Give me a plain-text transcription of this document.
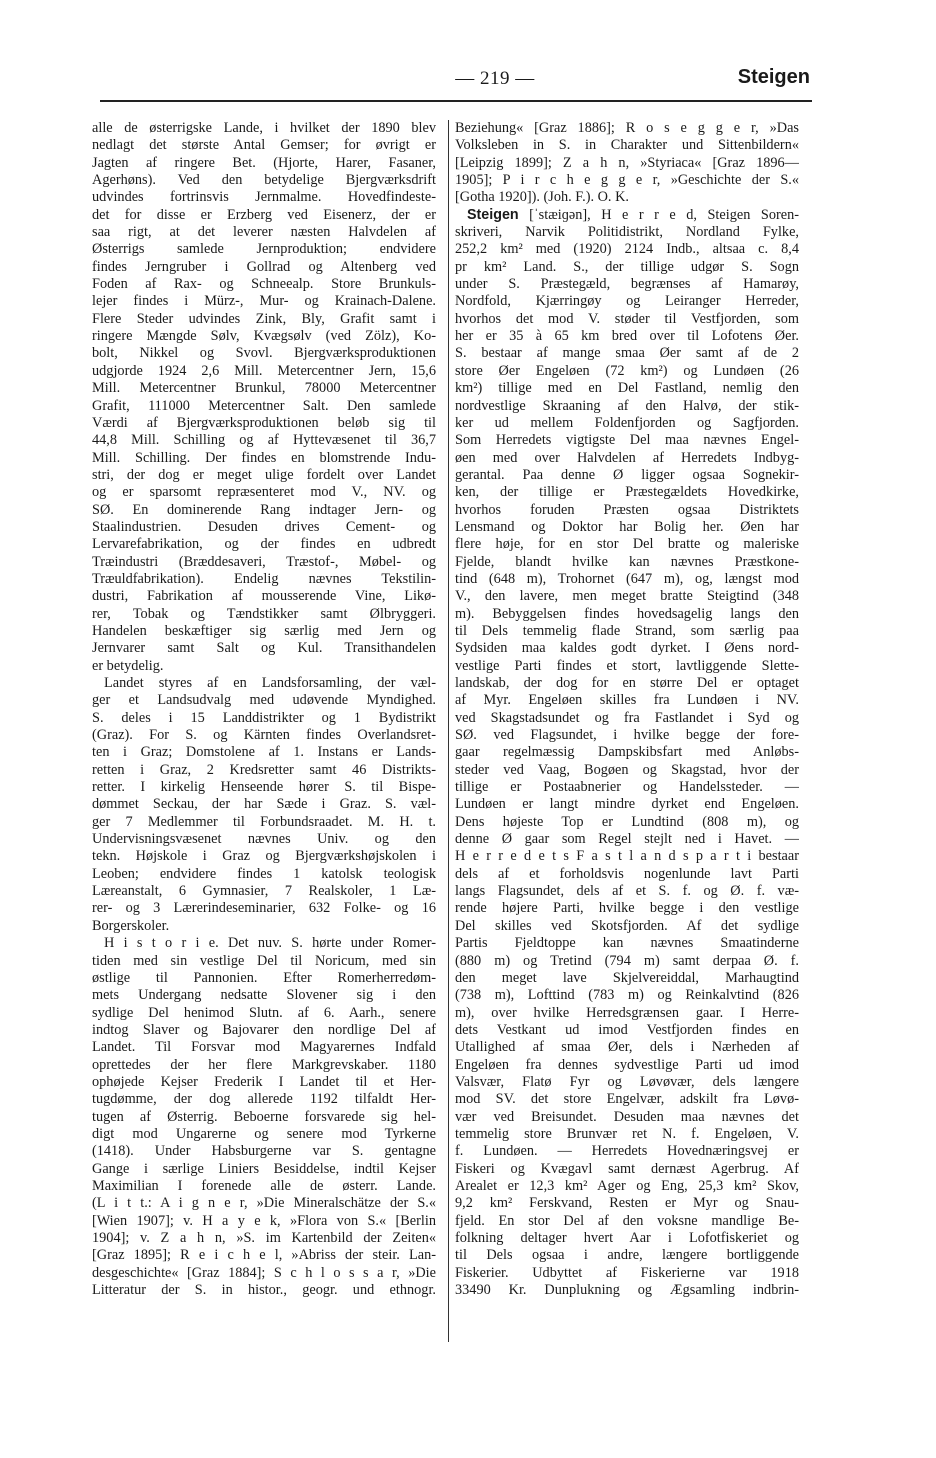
— 219 —	Steigen
alle de østerrigske Lande, i hvilket der 1890 blev
nedlagt det største Antal Gemser; for øvrigt er
Jagten af ringere Bet. (Hjorte, Harer, Fasaner,
Agerhøns). Ved den betydelige Bjergværksdrift
udvindes fortrinsvis Jernmalme. Hovedfindeste-
det for disse er Erzberg ved Eisenerz, der er
saa rigt, at det leverer næsten Halvdelen af
Østerrigs samlede Jernproduktion; endvidere
findes Jerngruber i Gollrad og Altenberg ved
Foden af Rax- og Schneealp. Store Brunkuls-
lejer findes i Mürz-, Mur- og Krainach-Dalene.
Flere Steder udvindes Zink, Bly, Grafit samt i
ringere Mængde Sølv, Kvægsølv (ved Zölz), Ko-
bolt, Nikkel og Svovl. Bjergværksproduktionen
udgjorde 1924 2,6 Mill. Metercentner Jern, 15,6
Mill. Metercentner Brunkul, 78000 Metercentner
Grafit, 111000 Metercentner Salt. Den samlede
Værdi af Bjergværksproduktionen beløb sig til
44,8 Mill. Schilling og af Hyttevæsenet til 36,7
Mill. Schilling. Der findes en blomstrende Indu-
stri, der dog er meget ulige fordelt over Landet
og er sparsomt repræsenteret mod V., NV. og
SØ. En dominerende Rang indtager Jern- og
Staalindustrien. Desuden drives Cement- og
Lervarefabrikation, og der findes en udbredt
Træindustri (Bræddesaveri, Træstof-, Møbel- og
Træuldfabrikation). Endelig nævnes Tekstilin-
dustri, Fabrikation af mousserende Vine, Likø-
rer, Tobak og Tændstikker samt Ølbryggeri.
Handelen beskæftiger sig særlig med Jern og
Jernvarer samt Salt og Kul. Transithandelen
er betydelig.
Landet styres af en Landsforsamling, der væl-
ger et Landsudvalg med udøvende Myndighed.
S. deles i 15 Landdistrikter og 1 Bydistrikt
(Graz). For S. og Kärnten findes Overlandsret-
ten i Graz; Domstolene af 1. Instans er Lands-
retten i Graz, 2 Kredsretter samt 46 Distrikts-
retter. I kirkelig Henseende hører S. til Bispe-
dømmet Seckau, der har Sæde i Graz. S. væl-
ger 7 Medlemmer til Forbundsraadet. M. H. t.
Undervisningsvæsenet nævnes Univ. og den
tekn. Højskole i Graz og Bjergværkshøjskolen i
Leoben; endvidere findes 1 katolsk teologisk
Læreanstalt, 6 Gymnasier, 7 Realskoler, 1 Læ-
rer- og 3 Lærerindeseminarier, 632 Folke- og 16
Borgerskoler.
H i s t o r i e. Det nuv. S. hørte under Romer-
tiden med sin vestlige Del til Noricum, med sin
østlige til Pannonien. Efter Romerherredøm-
mets Undergang nedsatte Slovener sig i den
sydlige Del henimod Slutn. af 6. Aarh., senere
indtog Slaver og Bajovarer den nordlige Del af
Landet. Til Forsvar mod Magyarernes Indfald
oprettedes der her flere Markgrevskaber. 1180
ophøjede Kejser Frederik I Landet til et Her-
tugdømme, der dog allerede 1192 tilfaldt Her-
tugen af Østerrig. Beboerne forsvarede sig hel-
digt mod Ungarerne og senere mod Tyrkerne
(1418). Under Habsburgerne var S. gentagne
Gange i særlige Liniers Besiddelse, indtil Kejser
Maximilian I forenede alle de østerr. Lande.
(L i t t.: A i g n e r, »Die Mineralschätze der S.«
[Wien 1907]; v. H a y e k, »Flora von S.« [Berlin
1904]; v. Z a h n, »S. im Kartenbild der Zeiten«
[Graz 1895]; R e i c h e l, »Abriss der steir. Lan-
desgeschichte« [Graz 1884]; S c h l o s s a r, »Die
Litteratur der S. in histor., geogr. und ethnogr.
Beziehung« [Graz 1886]; R o s e g g e r, »Das
Volksleben in S. in Charakter und Sittenbildern«
[Leipzig 1899]; Z a h n, »Styriaca« [Graz 1896—
1905]; P i r c h e g g e r, »Geschichte der S.«
[Gotha 1920]). (Joh. F.). O. K.
Steigen [ˈstæiɡən], H e r r e d, Steigen Soren-
skriveri, Narvik Politidistrikt, Nordland Fylke,
252,2 km² med (1920) 2124 Indb., altsaa c. 8,4
pr km² Land. S., der tillige udgør S. Sogn
under S. Præstegæld, begrænses af Hamarøy,
Nordfold, Kjærringøy og Leiranger Herreder,
hvorhos det mod V. støder til Vestfjorden, som
her er 35 à 65 km bred over til Lofotens Øer.
S. bestaar af mange smaa Øer samt af de 2
store Øer Engeløen (72 km²) og Lundøen (26
km²) tillige med en Del Fastland, nemlig den
nordvestlige Skraaning af den Halvø, der stik-
ker ud mellem Foldenfjorden og Sagfjorden.
Som Herredets vigtigste Del maa nævnes Engel-
øen med over Halvdelen af Herredets Indbyg-
gerantal. Paa denne Ø ligger ogsaa Sognekir-
ken, der tillige er Præstegældets Hovedkirke,
hvorhos foruden Præsten ogsaa Distriktets
Lensmand og Doktor har Bolig her. Øen har
flere høje, for en stor Del bratte og maleriske
Fjelde, blandt hvilke kan nævnes Præstkone-
tind (648 m), Trohornet (647 m), og, længst mod
V., den lavere, men meget bratte Steigtind (348
m). Bebyggelsen findes hovedsagelig langs den
til Dels temmelig flade Strand, som særlig paa
Sydsiden maa kaldes godt dyrket. I Øens nord-
vestlige Parti findes et stort, lavtliggende Slette-
landskab, der dog for en større Del er optaget
af Myr. Engeløen skilles fra Lundøen i NV.
ved Skagstadsundet og fra Fastlandet i Syd og
SØ. ved Flagsundet, i hvilke begge der fore-
gaar regelmæssig Dampskibsfart med Anløbs-
steder ved Vaag, Bogøen og Skagstad, hvor der
tillige er Postaabnerier og Handelssteder. —
Lundøen er langt mindre dyrket end Engeløen.
Dens højeste Top er Lundtind (808 m), og
denne Ø gaar som Regel stejlt ned i Havet. —
H e r r e d e t s F a s t l a n d s p a r t i bestaar
dels af et forholdsvis nogenlunde lavt Parti
langs Flagsundet, dels af et S. f. og Ø. f. væ-
rende højere Parti, hvilke begge i den vestlige
Del skilles ved Skotsfjorden. Af det sydlige
Partis Fjeldtoppe kan nævnes Smaatinderne
(880 m) og Tretind (794 m) samt derpaa Ø. f.
den meget lave Skjelvereiddal, Marhaugtind
(738 m), Lofttind (783 m) og Reinkalvtind (826
m), over hvilke Herredsgrænsen gaar. I Herre-
dets Vestkant ud imod Vestfjorden findes en
Utallighed af smaa Øer, dels i Nærheden af
Engeløen fra dennes sydvestlige Parti ud imod
Valsvær, Flatø Fyr og Løvøvær, dels længere
mod SV. det store Engelvær, adskilt fra Løvø-
vær ved Breisundet. Desuden maa nævnes det
temmelig store Brunvær ret N. f. Engeløen, V.
f. Lundøen. — Herredets Hovednæringsvej er
Fiskeri og Kvægavl samt dernæst Agerbrug. Af
Arealet er 12,3 km² Ager og Eng, 25,3 km² Skov,
9,2 km² Ferskvand, Resten er Myr og Snau-
fjeld. En stor Del af den voksne mandlige Be-
folkning deltager hvert Aar i Lofotfiskeriet og
til Dels ogsaa i andre, længere bortliggende
Fiskerier. Udbyttet af Fiskerierne var 1918
33490 Kr. Dunplukning og Ægsamling indbrin-
